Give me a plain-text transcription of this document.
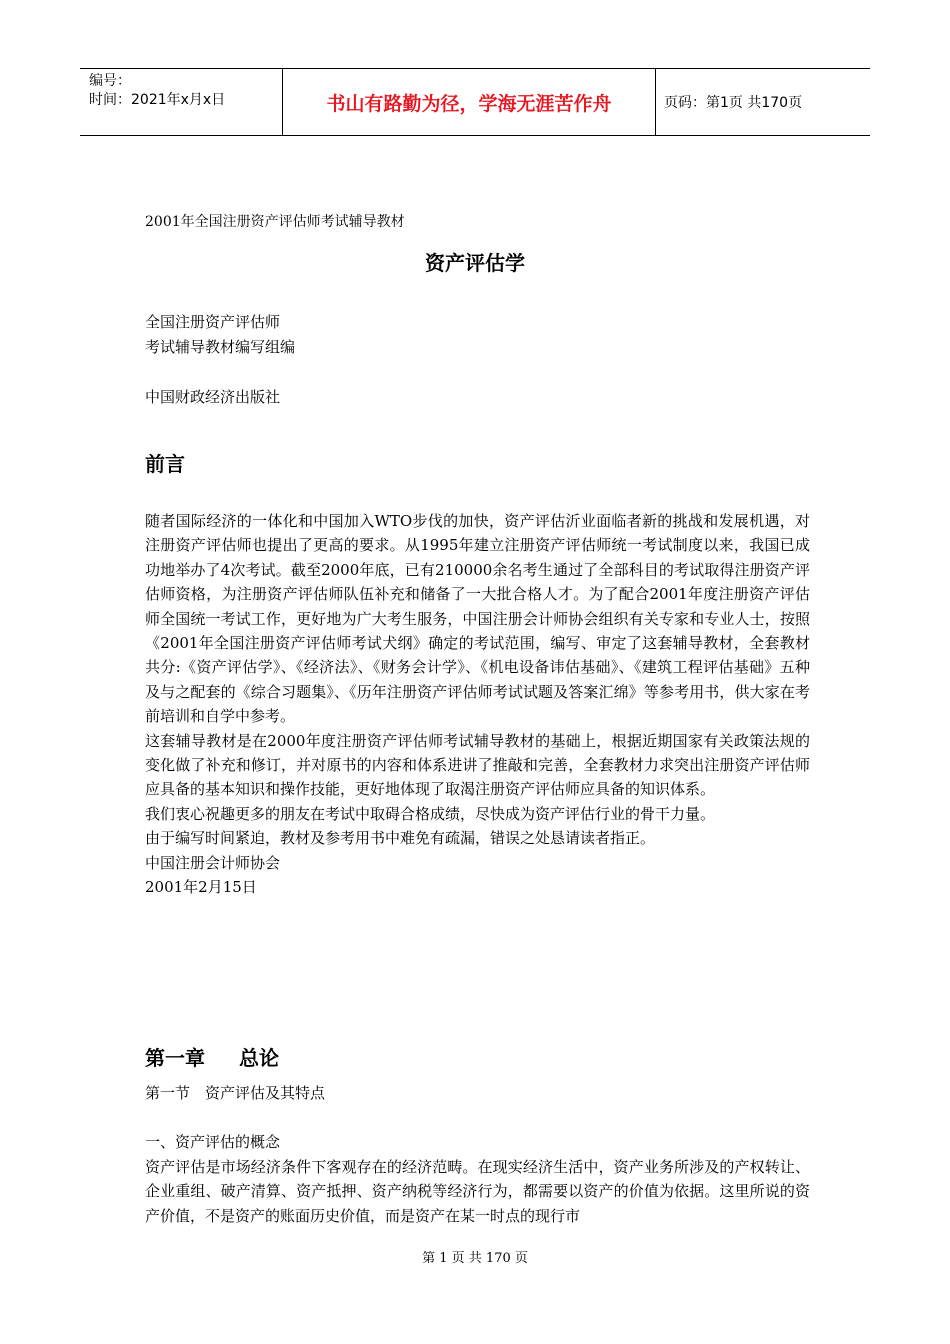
编号：
时间：2021年x月x日	书山有路勤为径，学海无涯苦作舟	页码：第1页 共170页
2001年全国注册资产评估师考试辅导教材
资产评估学
全国注册资产评估师
考试辅导教材编写组编
中国财政经济出版社
前言

随者国际经济的一体化和中国加入WTO步伐的加快，资产评估沂业面临者新的挑战和发展机遇，对注册资产评估师也提出了更高的要求。从1995年建立注册资产评估师统一考试制度以来，我国已成功地举办了4次考试。截至2000年底，已有210000余名考生通过了全部科目的考试取得注册资产评估师资格，为注册资产评估师队伍补充和储备了一大批合格人才。为了配合2001年度注册资产评估师全国统一考试工作，更好地为广大考生服务，中国注册会计师协会组织有关专家和专业人士，按照《2001年全国注册资产评估师考试犬纲》确定的考试范围，编写、审定了这套辅导教材，全套教材共分:《资产评估学》、《经济法》、《财务会计学》、《机电设备讳估基础》、《建筑工程评估基础》五种及与之配套的《综合习题集》、《历年注册资产评估师考试试题及答案汇绵》等参考用书，供大家在考前培训和自学中参考。

这套辅导教材是在2000年度注册资产评估师考试辅导教材的基础上，根据近期国家有关政策法规的变化做了补充和修订，并对原书的内容和体系进讲了推敲和完善，全套教材力求突出注册资产评估师应具备的基本知识和操作技能，更好地体现了取渴注册资产评估师应具备的知识体系。

我们衷心祝趣更多的朋友在考试中取碍合格成绩，尽快成为资产评估行业的骨干力量。

由于编写时间紧迫，教材及参考用书中难免有疏漏，错误之处恳请读者指正。

中国注册会计师协会

2001年2月15日

第一章 总论
第一节　资产评估及其特点
一、资产评估的概念

资产评估是市场经济条件下客观存在的经济范畴。在现实经济生活中，资产业务所涉及的产权转让、企业重组、破产清算、资产抵押、资产纳税等经济行为，都需要以资产的价值为依据。这里所说的资产价值，不是资产的账面历史价值，而是资产在某一时点的现行市

第 1 页 共 170 页
